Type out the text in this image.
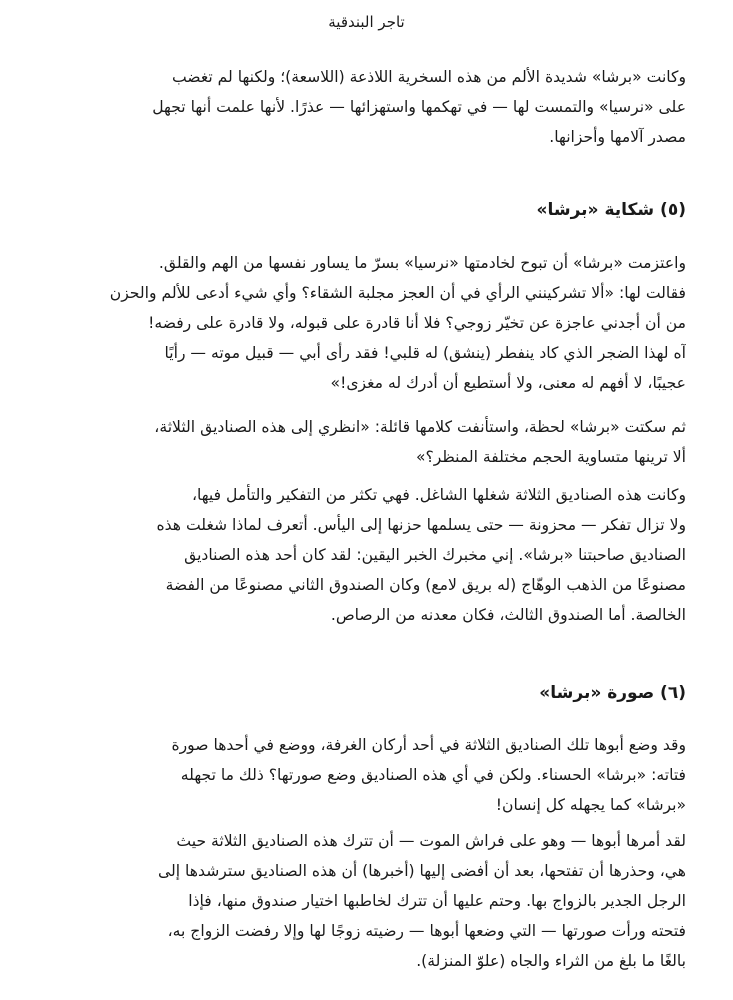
تاجر البندقية

وكانت «برشا» شديدة الألم من هذه السخرية اللاذعة (اللاسعة)؛ ولكنها لم تغضب
على «نرسيا» والتمست لها — في تهكمها واستهزائها — عذرًا. لأنها علمت أنها تجهل
مصدر آلامها وأحزانها.

(٥) شكاية «برشا»

واعتزمت «برشا» أن تبوح لخادمتها «نرسيا» بسرّ ما يساور نفسها من الهم والقلق.
فقالت لها: «ألا تشركينني الرأي في أن العجز مجلبة الشقاء؟ وأي شيء أدعى للألم والحزن
من أن أجدني عاجزة عن تخيّر زوجي؟ فلا أنا قادرة على قبوله، ولا قادرة على رفضه!
آه لهذا الضجر الذي كاد ينفطر (ينشق) له قلبي! فقد رأى أبي — قبيل موته — رأيًا
عجيبًا، لا أفهم له معنى، ولا أستطيع أن أدرك له مغزى!»

ثم سكتت «برشا» لحظة، واستأنفت كلامها قائلة: «انظري إلى هذه الصناديق الثلاثة،
ألا ترينها متساوية الحجم مختلفة المنظر؟»

وكانت هذه الصناديق الثلاثة شغلها الشاغل. فهي تكثر من التفكير والتأمل فيها،
ولا تزال تفكر — محزونة — حتى يسلمها حزنها إلى اليأس. أتعرف لماذا شغلت هذه
الصناديق صاحبتنا «برشا». إني مخبرك الخبر اليقين: لقد كان أحد هذه الصناديق
مصنوعًا من الذهب الوهّاج (له بريق لامع) وكان الصندوق الثاني مصنوعًا من الفضة
الخالصة. أما الصندوق الثالث، فكان معدنه من الرصاص.

(٦) صورة «برشا»

وقد وضع أبوها تلك الصناديق الثلاثة في أحد أركان الغرفة، ووضع في أحدها صورة
فتاته: «برشا» الحسناء. ولكن في أي هذه الصناديق وضع صورتها؟ ذلك ما تجهله
«برشا» كما يجهله كل إنسان!

لقد أمرها أبوها — وهو على فراش الموت — أن تترك هذه الصناديق الثلاثة حيث
هي، وحذرها أن تفتحها، بعد أن أفضى إليها (أخبرها) أن هذه الصناديق سترشدها إلى
الرجل الجدير بالزواج بها. وحتم عليها أن تترك لخاطبها اختيار صندوق منها، فإذا
فتحته ورأت صورتها — التي وضعها أبوها — رضيته زوجًا لها وإلا رفضت الزواج به،
بالغًا ما بلغ من الثراء والجاه (علوّ المنزلة).
